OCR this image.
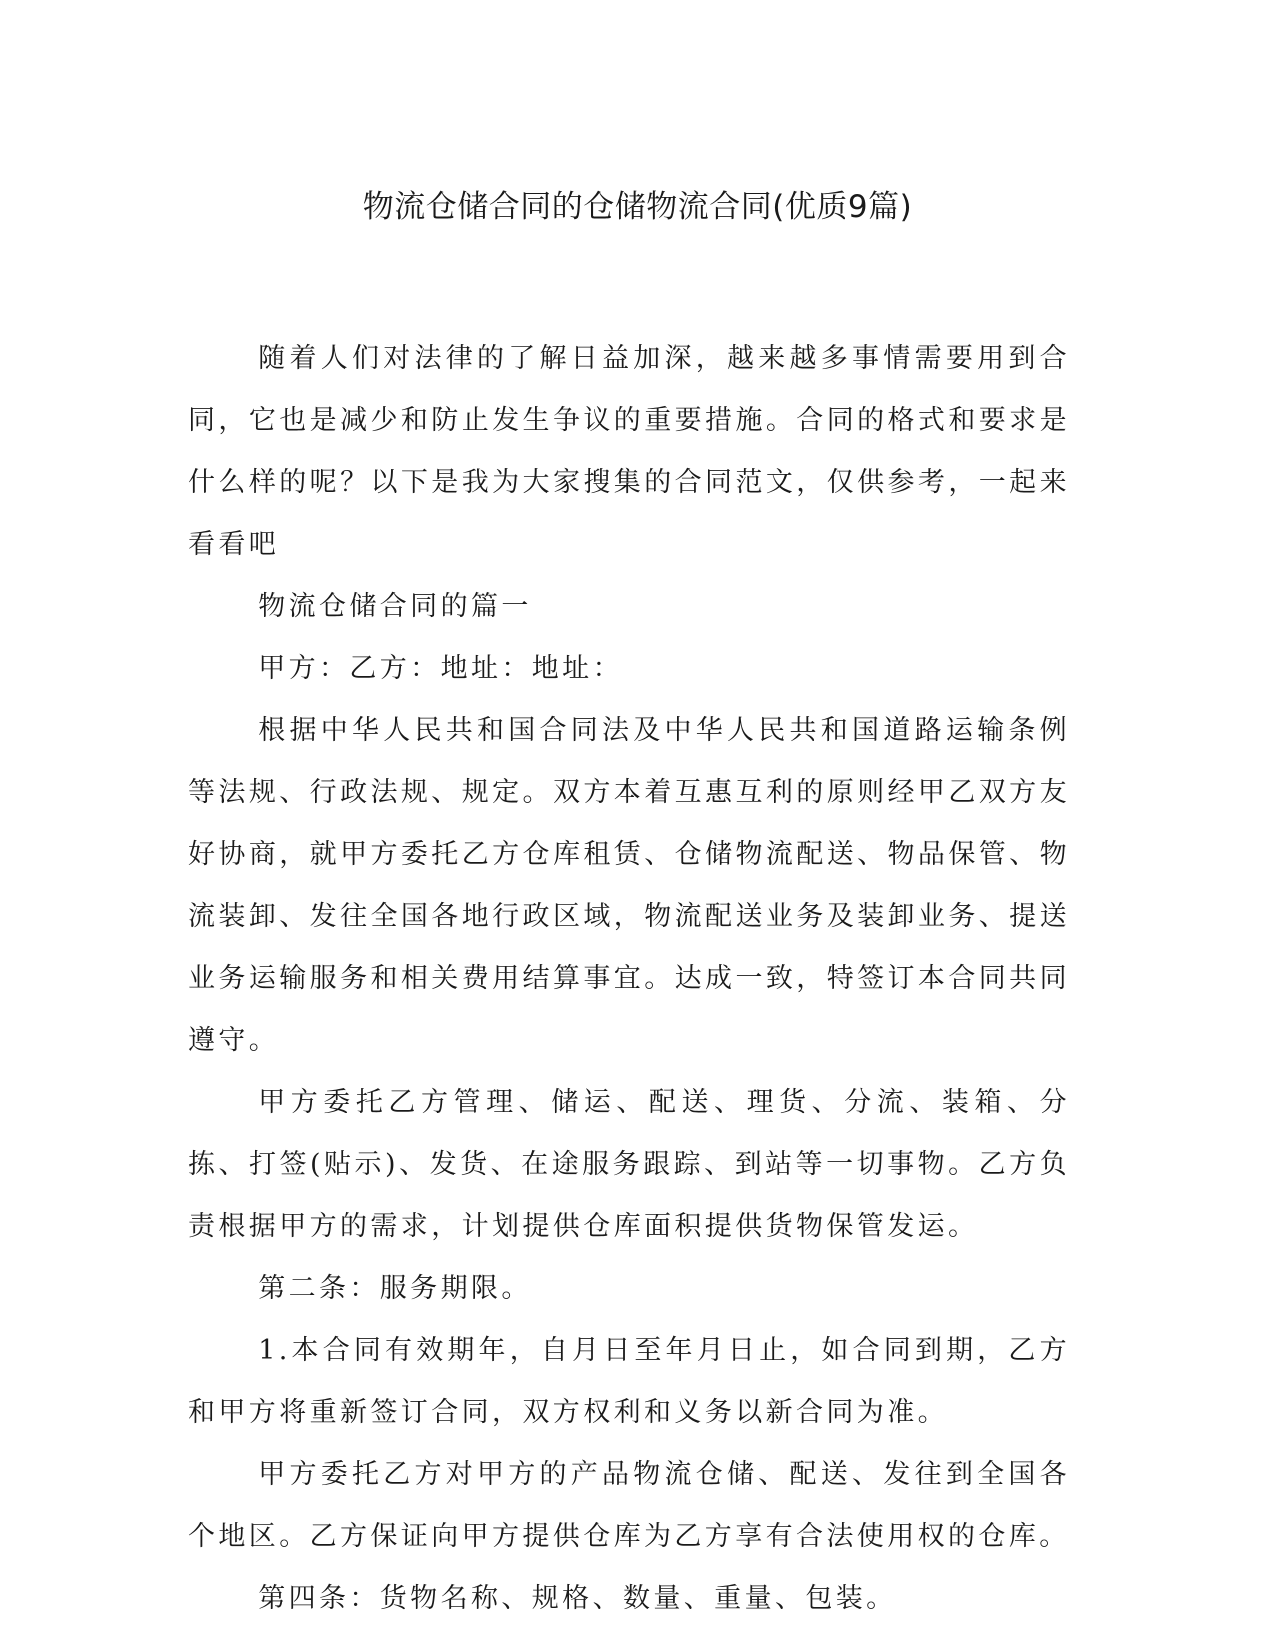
物流仓储合同的仓储物流合同(优质9篇)

随着人们对法律的了解日益加深，越来越多事情需要用到合同，它也是减少和防止发生争议的重要措施。合同的格式和要求是什么样的呢？以下是我为大家搜集的合同范文，仅供参考，一起来看看吧

物流仓储合同的篇一

甲方：乙方：地址：地址：

根据中华人民共和国合同法及中华人民共和国道路运输条例等法规、行政法规、规定。双方本着互惠互利的原则经甲乙双方友好协商，就甲方委托乙方仓库租赁、仓储物流配送、物品保管、物流装卸、发往全国各地行政区域，物流配送业务及装卸业务、提送业务运输服务和相关费用结算事宜。达成一致，特签订本合同共同遵守。

甲方委托乙方管理、储运、配送、理货、分流、装箱、分拣、打签(贴示)、发货、在途服务跟踪、到站等一切事物。乙方负责根据甲方的需求，计划提供仓库面积提供货物保管发运。

第二条：服务期限。

1.本合同有效期年，自月日至年月日止，如合同到期，乙方和甲方将重新签订合同，双方权利和义务以新合同为准。

甲方委托乙方对甲方的产品物流仓储、配送、发往到全国各个地区。乙方保证向甲方提供仓库为乙方享有合法使用权的仓库。

第四条：货物名称、规格、数量、重量、包装。
